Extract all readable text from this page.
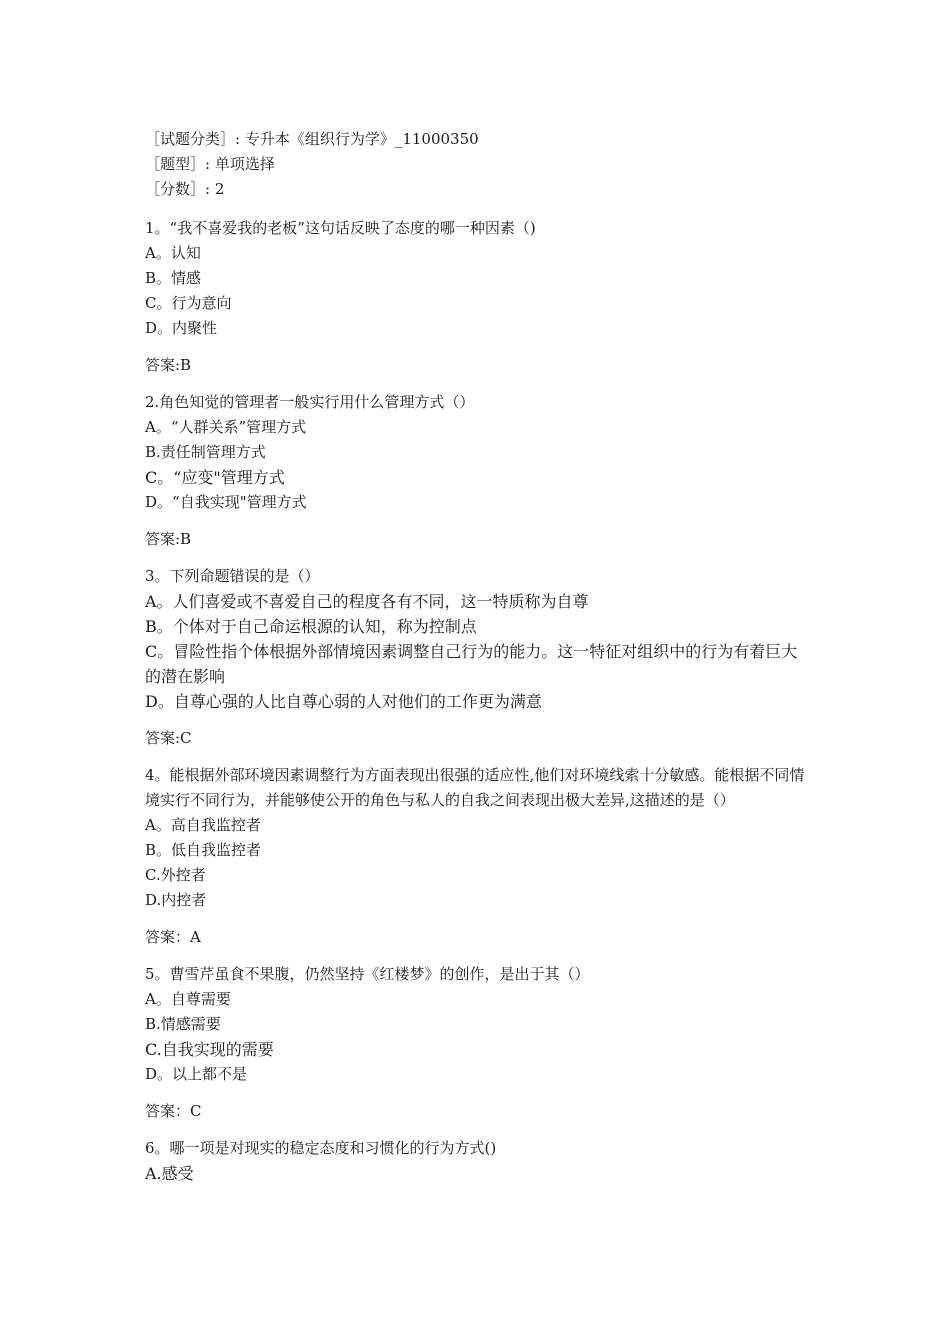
［试题分类］: 专升本《组织行为学》_11000350
［题型］: 单项选择
［分数］: 2
1。“我不喜爱我的老板”这句话反映了态度的哪一种因素（)
A。认知
B。情感
C。行为意向
D。内聚性
答案:B
2.角色知觉的管理者一般实行用什么管理方式（）
A。“人群关系”管理方式
B.责任制管理方式
C。“应变"管理方式
D。“自我实现"管理方式
答案:B
3。下列命题错误的是（）
A。人们喜爱或不喜爱自己的程度各有不同，这一特质称为自尊
B。个体对于自己命运根源的认知，称为控制点
C。冒险性指个体根据外部情境因素调整自己行为的能力。这一特征对组织中的行为有着巨大的潜在影响
D。自尊心强的人比自尊心弱的人对他们的工作更为满意
答案:C
4。能根据外部环境因素调整行为方面表现出很强的适应性,他们对环境线索十分敏感。能根据不同情境实行不同行为，并能够使公开的角色与私人的自我之间表现出极大差异,这描述的是（）
A。高自我监控者
B。低自我监控者
C.外控者
D.内控者
答案：A
5。曹雪芹虽食不果腹，仍然坚持《红楼梦》的创作，是出于其（）
A。自尊需要
B.情感需要
C.自我实现的需要
D。以上都不是
答案：C
6。哪一项是对现实的稳定态度和习惯化的行为方式()
A.感受
